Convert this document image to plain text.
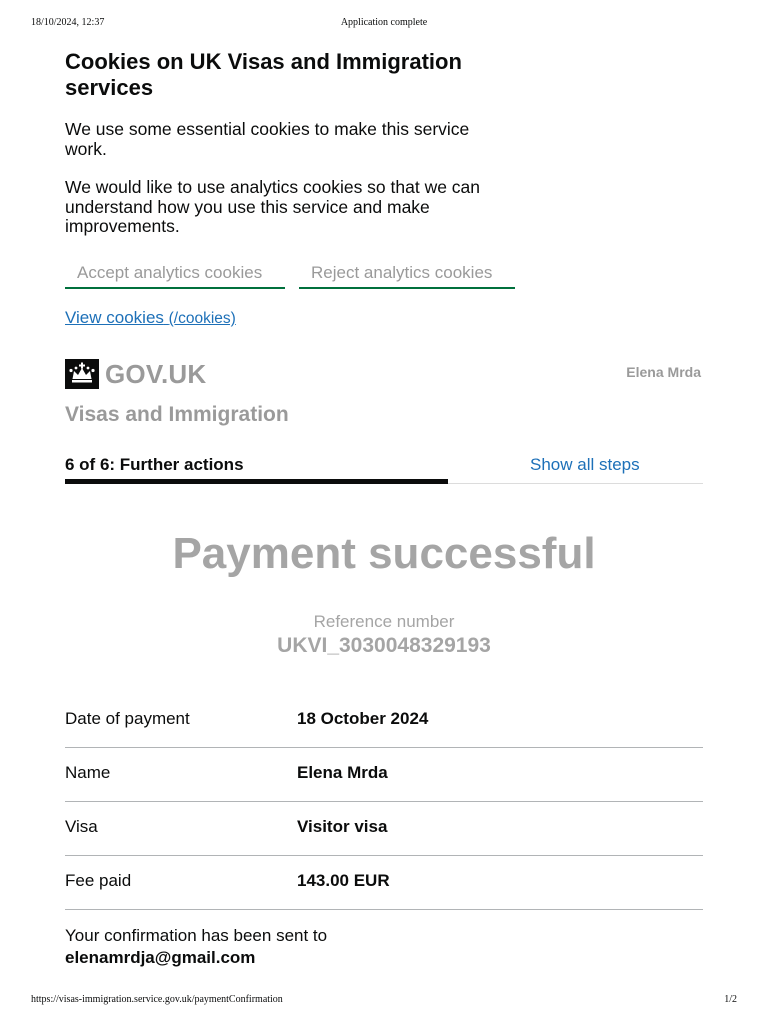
18/10/2024, 12:37	Application complete
Cookies on UK Visas and Immigration services

We use some essential cookies to make this service work.

We would like to use analytics cookies so that we can understand how you use this service and make improvements.

Accept analytics cookies	Reject analytics cookies
View cookies (/cookies)
GOV.UK	Elena Mrda
Visas and Immigration
6 of 6: Further actions	Show all steps
Payment successful
Reference number
UKVI_3030048329193
Date of payment	18 October 2024
Name	Elena Mrda
Visa	Visitor visa
Fee paid	143.00 EUR
Your confirmation has been sent to
elenamrdja@gmail.com
https://visas-immigration.service.gov.uk/paymentConfirmation	1/2
